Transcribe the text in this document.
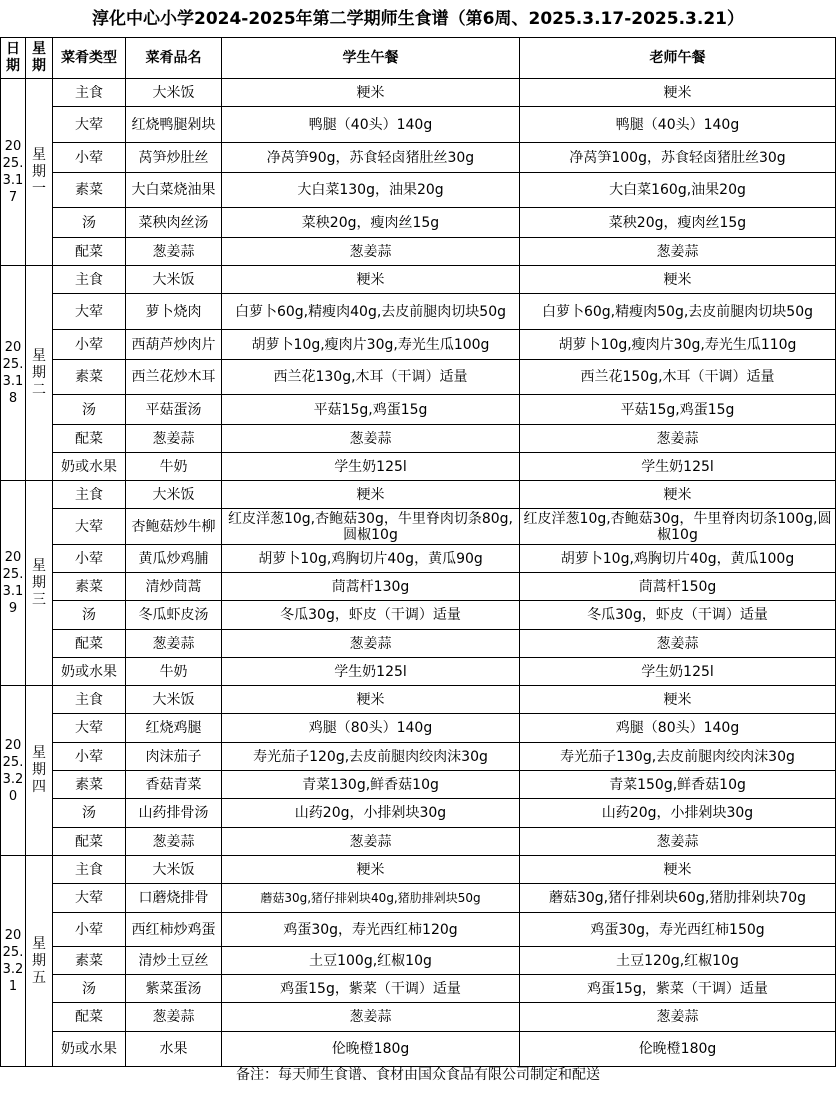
淳化中心小学2024-2025年第二学期师生食谱（第6周、2025.3.17-2025.3.21）
日期	星期	菜肴类型	菜肴品名	学生午餐	老师午餐
2025.3.17	星期一	主食	大米饭	粳米	粳米

		大荤	红烧鸭腿剁块	鸭腿（40头）140g	鸭腿（40头）140g

		小荤	莴笋炒肚丝	净莴笋90g，苏食轻卤猪肚丝30g	净莴笋100g，苏食轻卤猪肚丝30g

		素菜	大白菜烧油果	大白菜130g，油果20g	大白菜160g,油果20g

		汤	菜秧肉丝汤	菜秧20g，瘦肉丝15g	菜秧20g，瘦肉丝15g

		配菜	葱姜蒜	葱姜蒜	葱姜蒜

2025.3.18	星期二	主食	大米饭	粳米	粳米

		大荤	萝卜烧肉	白萝卜60g,精瘦肉40g,去皮前腿肉切块50g	白萝卜60g,精瘦肉50g,去皮前腿肉切块50g

		小荤	西葫芦炒肉片	胡萝卜10g,瘦肉片30g,寿光生瓜100g	胡萝卜10g,瘦肉片30g,寿光生瓜110g

		素菜	西兰花炒木耳	西兰花130g,木耳（干调）适量	西兰花150g,木耳（干调）适量

		汤	平菇蛋汤	平菇15g,鸡蛋15g	平菇15g,鸡蛋15g

		配菜	葱姜蒜	葱姜蒜	葱姜蒜

		奶或水果	牛奶	学生奶125l	学生奶125l

2025.3.19	星期三	主食	大米饭	粳米	粳米

		大荤	杏鲍菇炒牛柳	红皮洋葱10g,杏鲍菇30g，牛里脊肉切条80g,圆椒10g	红皮洋葱10g,杏鲍菇30g，牛里脊肉切条100g,圆椒10g

		小荤	黄瓜炒鸡脯	胡萝卜10g,鸡胸切片40g，黄瓜90g	胡萝卜10g,鸡胸切片40g，黄瓜100g

		素菜	清炒茼蒿	茼蒿杆130g	茼蒿杆150g

		汤	冬瓜虾皮汤	冬瓜30g，虾皮（干调）适量	冬瓜30g，虾皮（干调）适量

		配菜	葱姜蒜	葱姜蒜	葱姜蒜

		奶或水果	牛奶	学生奶125l	学生奶125l

2025.3.20	星期四	主食	大米饭	粳米	粳米

		大荤	红烧鸡腿	鸡腿（80头）140g	鸡腿（80头）140g

		小荤	肉沫茄子	寿光茄子120g,去皮前腿肉绞肉沫30g	寿光茄子130g,去皮前腿肉绞肉沫30g

		素菜	香菇青菜	青菜130g,鲜香菇10g	青菜150g,鲜香菇10g

		汤	山药排骨汤	山药20g，小排剁块30g	山药20g，小排剁块30g

		配菜	葱姜蒜	葱姜蒜	葱姜蒜

2025.3.21	星期五	主食	大米饭	粳米	粳米

		大荤	口蘑烧排骨	蘑菇30g,猪仔排剁块40g,猪肋排剁块50g	蘑菇30g,猪仔排剁块60g,猪肋排剁块70g

		小荤	西红柿炒鸡蛋	鸡蛋30g，寿光西红柿120g	鸡蛋30g，寿光西红柿150g

		素菜	清炒土豆丝	土豆100g,红椒10g	土豆120g,红椒10g

		汤	紫菜蛋汤	鸡蛋15g，紫菜（干调）适量	鸡蛋15g，紫菜（干调）适量

		配菜	葱姜蒜	葱姜蒜	葱姜蒜

		奶或水果	水果	伦晚橙180g	伦晚橙180g
备注：每天师生食谱、食材由国众食品有限公司制定和配送
